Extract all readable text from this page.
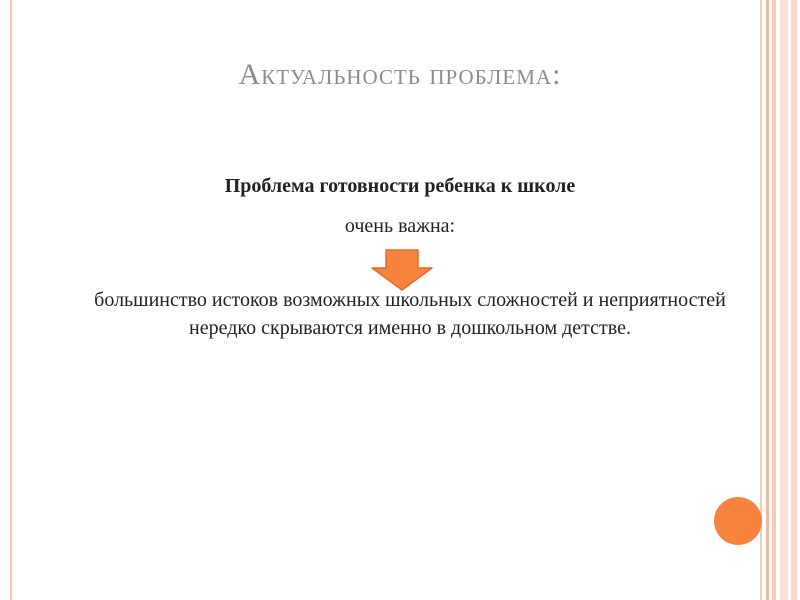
Актуальность проблема:
Проблема готовности ребенка к школе
очень важна:
большинство истоков возможных школьных сложностей и неприятностей нередко скрываются именно в дошкольном детстве.
